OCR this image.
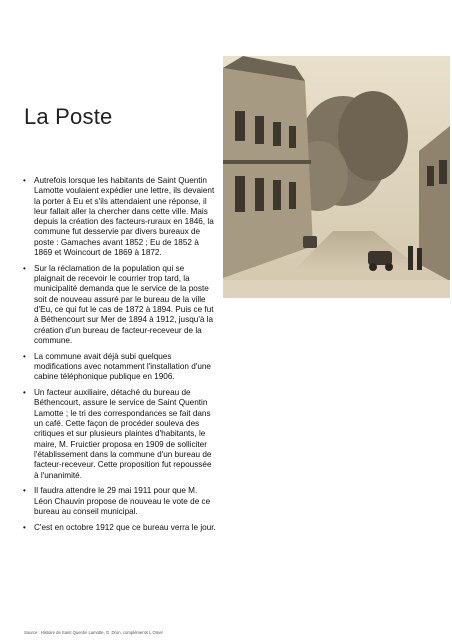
La Poste
• Autrefois lorsque les habitants de Saint Quentin Lamotte voulaient expédier une lettre, ils devaient la porter à Eu et s'ils attendaient une réponse, il leur fallait aller la chercher dans cette ville. Mais depuis la création des facteurs-ruraux en 1846, la commune fut desservie par divers bureaux de poste : Gamaches avant 1852 ; Eu de 1852 à 1869 et Woincourt de 1869 à 1872.
• Sur la réclamation de la population qui se plaignait de recevoir le courrier trop tard, la municipalité demanda que le service de la poste soit de nouveau assuré par le bureau de la ville d'Eu, ce qui fut le cas de 1872 à 1894. Puis ce fut à Béthencourt sur Mer de 1894 à 1912, jusqu'à la création d'un bureau de facteur-receveur de la commune.
• La commune avait déjà subi quelques modifications avec notamment l'installation d'une cabine téléphonique publique en 1906.
• Un facteur auxiliaire, détaché du bureau de Béthencourt, assure le service de Saint Quentin Lamotte ; le tri des correspondances se fait dans un café. Cette façon de procéder souleva des critiques et sur plusieurs plaintes d'habitants, le maire, M. Fruictier proposa en 1909 de solliciter l'établissement dans la commune d'un bureau de facteur-receveur. Cette proposition fut repoussée à l'unanimité.
• Il faudra attendre le 29 mai 1911 pour que M. Léon Chauvin propose de nouveau le vote de ce bureau au conseil municipal.
• C'est en octobre 1912 que ce bureau verra le jour.
Source : Histoire de Saint Quentin Lamotte, G. Dron, compléments L.Omer
